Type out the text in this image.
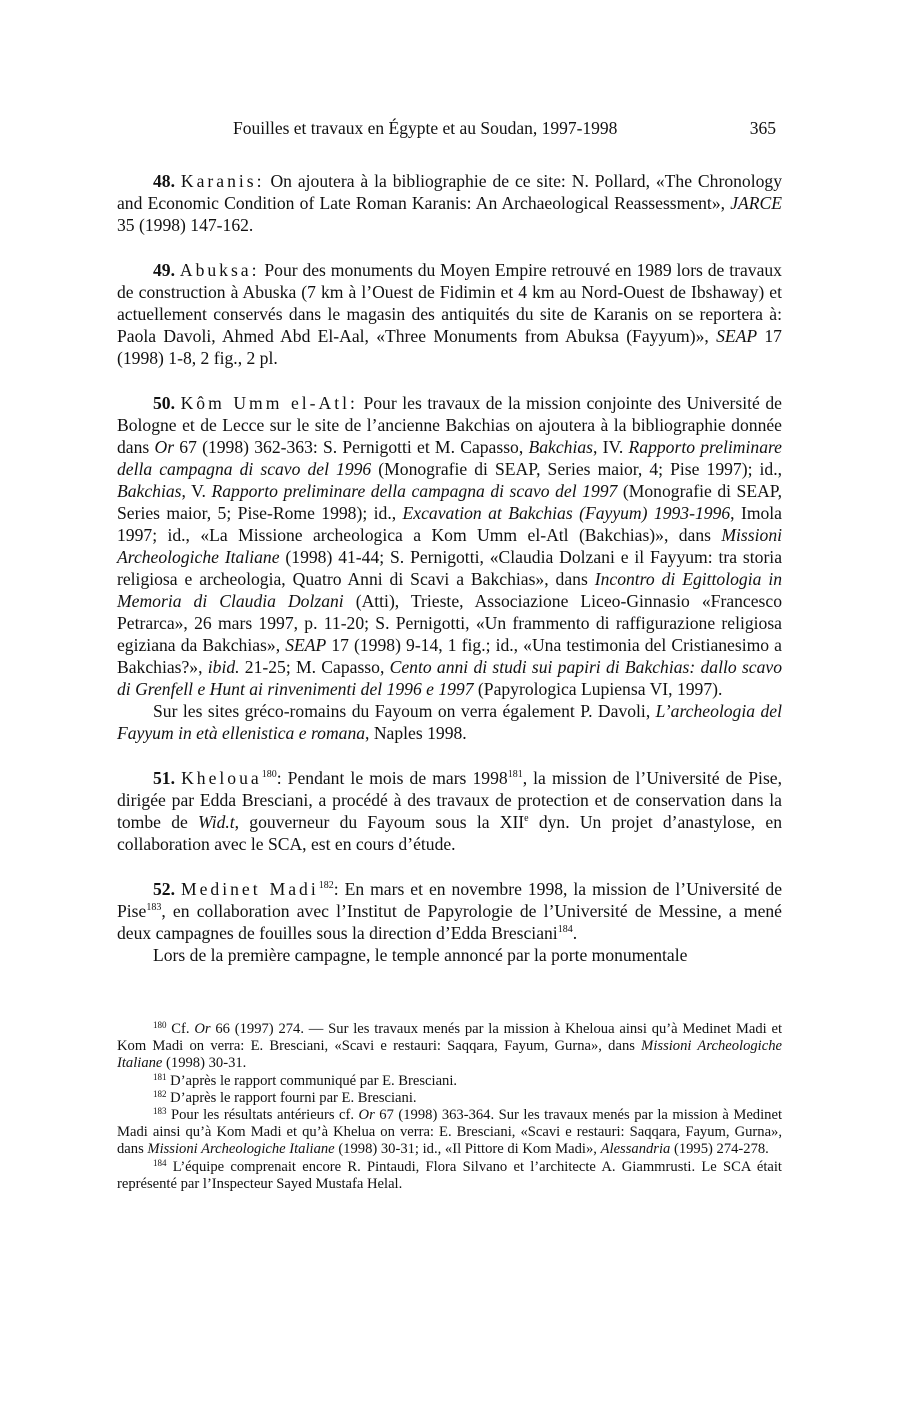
Fouilles et travaux en Égypte et au Soudan, 1997-1998	365

48. Karanis: On ajoutera à la bibliographie de ce site: N. Pollard, «The Chronology and Economic Condition of Late Roman Karanis: An Archaeological Reassessment», JARCE 35 (1998) 147-162.

49. Abuksa: Pour des monuments du Moyen Empire retrouvé en 1989 lors de travaux de construction à Abuska (7 km à l’Ouest de Fidimin et 4 km au Nord-Ouest de Ibshaway) et actuellement conservés dans le magasin des antiquités du site de Karanis on se reportera à: Paola Davoli, Ahmed Abd El-Aal, «Three Monuments from Abuksa (Fayyum)», SEAP 17 (1998) 1-8, 2 fig., 2 pl.

50. Kôm Umm el-Atl: Pour les travaux de la mission conjointe des Université de Bologne et de Lecce sur le site de l’ancienne Bakchias on ajoutera à la bibliographie donnée dans Or 67 (1998) 362-363: S. Pernigotti et M. Capasso, Bakchias, IV. Rapporto preliminare della campagna di scavo del 1996 (Monografie di SEAP, Series maior, 4; Pise 1997); id., Bakchias, V. Rapporto preliminare della campagna di scavo del 1997 (Monografie di SEAP, Series maior, 5; Pise-Rome 1998); id., Excavation at Bakchias (Fayyum) 1993-1996, Imola 1997; id., «La Missione archeologica a Kom Umm el-Atl (Bakchias)», dans Missioni Archeologiche Italiane (1998) 41-44; S. Pernigotti, «Claudia Dolzani e il Fayyum: tra storia religiosa e archeologia, Quatro Anni di Scavi a Bakchias», dans Incontro di Egittologia in Memoria di Claudia Dolzani (Atti), Trieste, Associazione Liceo-Ginnasio «Francesco Petrarca», 26 mars 1997, p. 11-20; S. Pernigotti, «Un frammento di raffigurazione religiosa egiziana da Bakchias», SEAP 17 (1998) 9-14, 1 fig.; id., «Una testimonia del Cristianesimo a Bakchias?», ibid. 21-25; M. Capasso, Cento anni di studi sui papiri di Bakchias: dallo scavo di Grenfell e Hunt ai rinvenimenti del 1996 e 1997 (Papyrologica Lupiensa VI, 1997).

Sur les sites gréco-romains du Fayoum on verra également P. Davoli, L’archeologia del Fayyum in età ellenistica e romana, Naples 1998.

51. Kheloua$^{180}$: Pendant le mois de mars 1998$^{181}$, la mission de l’Université de Pise, dirigée par Edda Bresciani, a procédé à des travaux de protection et de conservation dans la tombe de Wid.t, gouverneur du Fayoum sous la XIIe dyn. Un projet d’anastylose, en collaboration avec le SCA, est en cours d’étude.

52. Medinet Madi$^{182}$: En mars et en novembre 1998, la mission de l’Université de Pise$^{183}$, en collaboration avec l’Institut de Papyrologie de l’Université de Messine, a mené deux campagnes de fouilles sous la direction d’Edda Bresciani$^{184}$.

Lors de la première campagne, le temple annoncé par la porte monumentale

$^{180}$ Cf. Or 66 (1997) 274. — Sur les travaux menés par la mission à Kheloua ainsi qu’à Medinet Madi et Kom Madi on verra: E. Bresciani, «Scavi e restauri: Saqqara, Fayum, Gurna», dans Missioni Archeologiche Italiane (1998) 30-31.

$^{181}$ D’après le rapport communiqué par E. Bresciani.

$^{182}$ D’après le rapport fourni par E. Bresciani.

$^{183}$ Pour les résultats antérieurs cf. Or 67 (1998) 363-364. Sur les travaux menés par la mission à Medinet Madi ainsi qu’à Kom Madi et qu’à Khelua on verra: E. Bresciani, «Scavi e restauri: Saqqara, Fayum, Gurna», dans Missioni Archeologiche Italiane (1998) 30-31; id., «Il Pittore di Kom Madi», Alessandria (1995) 274-278.

$^{184}$ L’équipe comprenait encore R. Pintaudi, Flora Silvano et l’architecte A. Giammrusti. Le SCA était représenté par l’Inspecteur Sayed Mustafa Helal.
